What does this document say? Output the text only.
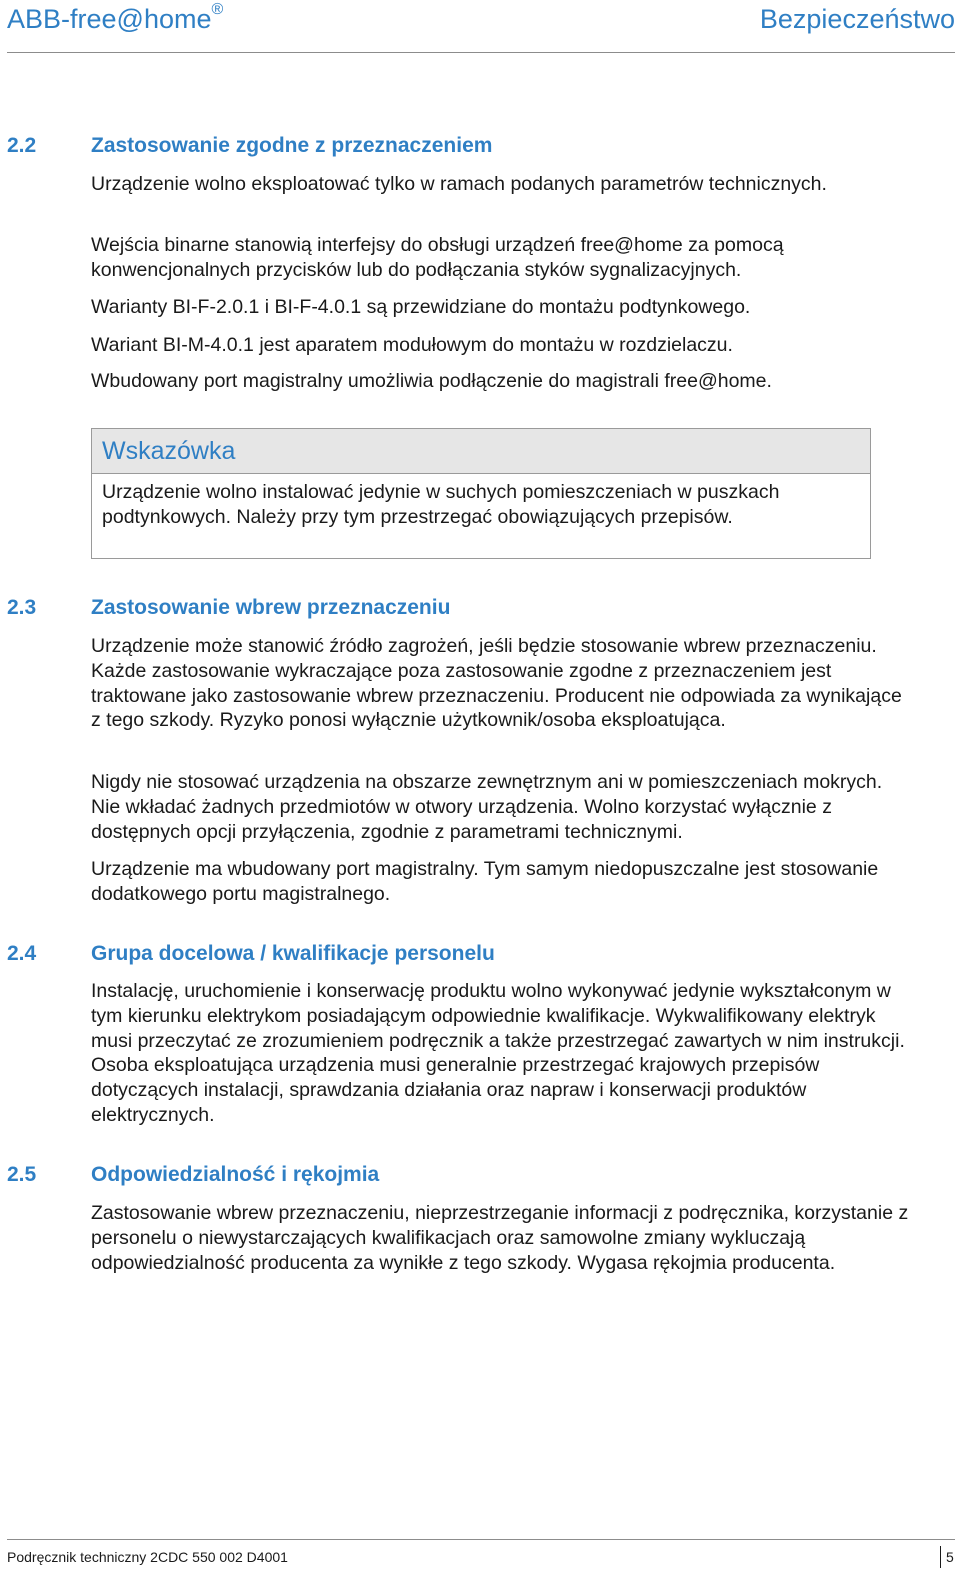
ABB-free@home®	Bezpieczeństwo
2.2	Zastosowanie zgodne z przeznaczeniem
Urządzenie wolno eksploatować tylko w ramach podanych parametrów technicznych.
Wejścia binarne stanowią interfejsy do obsługi urządzeń free@home za pomocą konwencjonalnych przycisków lub do podłączania styków sygnalizacyjnych.
Warianty BI-F-2.0.1 i BI-F-4.0.1 są przewidziane do montażu podtynkowego.
Wariant BI-M-4.0.1 jest aparatem modułowym do montażu w rozdzielaczu.
Wbudowany port magistralny umożliwia podłączenie do magistrali free@home.
Wskazówka
Urządzenie wolno instalować jedynie w suchych pomieszczeniach w puszkach podtynkowych. Należy przy tym przestrzegać obowiązujących przepisów.
2.3	Zastosowanie wbrew przeznaczeniu
Urządzenie może stanowić źródło zagrożeń, jeśli będzie stosowanie wbrew przeznaczeniu. Każde zastosowanie wykraczające poza zastosowanie zgodne z przeznaczeniem jest traktowane jako zastosowanie wbrew przeznaczeniu. Producent nie odpowiada za wynikające z tego szkody. Ryzyko ponosi wyłącznie użytkownik/osoba eksploatująca.
Nigdy nie stosować urządzenia na obszarze zewnętrznym ani w pomieszczeniach mokrych. Nie wkładać żadnych przedmiotów w otwory urządzenia. Wolno korzystać wyłącznie z dostępnych opcji przyłączenia, zgodnie z parametrami technicznymi.
Urządzenie ma wbudowany port magistralny. Tym samym niedopuszczalne jest stosowanie dodatkowego portu magistralnego.
2.4	Grupa docelowa / kwalifikacje personelu
Instalację, uruchomienie i konserwację produktu wolno wykonywać jedynie wykształconym w tym kierunku elektrykom posiadającym odpowiednie kwalifikacje. Wykwalifikowany elektryk musi przeczytać ze zrozumieniem podręcznik a także przestrzegać zawartych w nim instrukcji. Osoba eksploatująca urządzenia musi generalnie przestrzegać krajowych przepisów dotyczących instalacji, sprawdzania działania oraz napraw i konserwacji produktów elektrycznych.
2.5	Odpowiedzialność i rękojmia
Zastosowanie wbrew przeznaczeniu, nieprzestrzeganie informacji z podręcznika, korzystanie z personelu o niewystarczających kwalifikacjach oraz samowolne zmiany wykluczają odpowiedzialność producenta za wynikłe z tego szkody. Wygasa rękojmia producenta.
Podręcznik techniczny 2CDC 550 002 D4001	5
